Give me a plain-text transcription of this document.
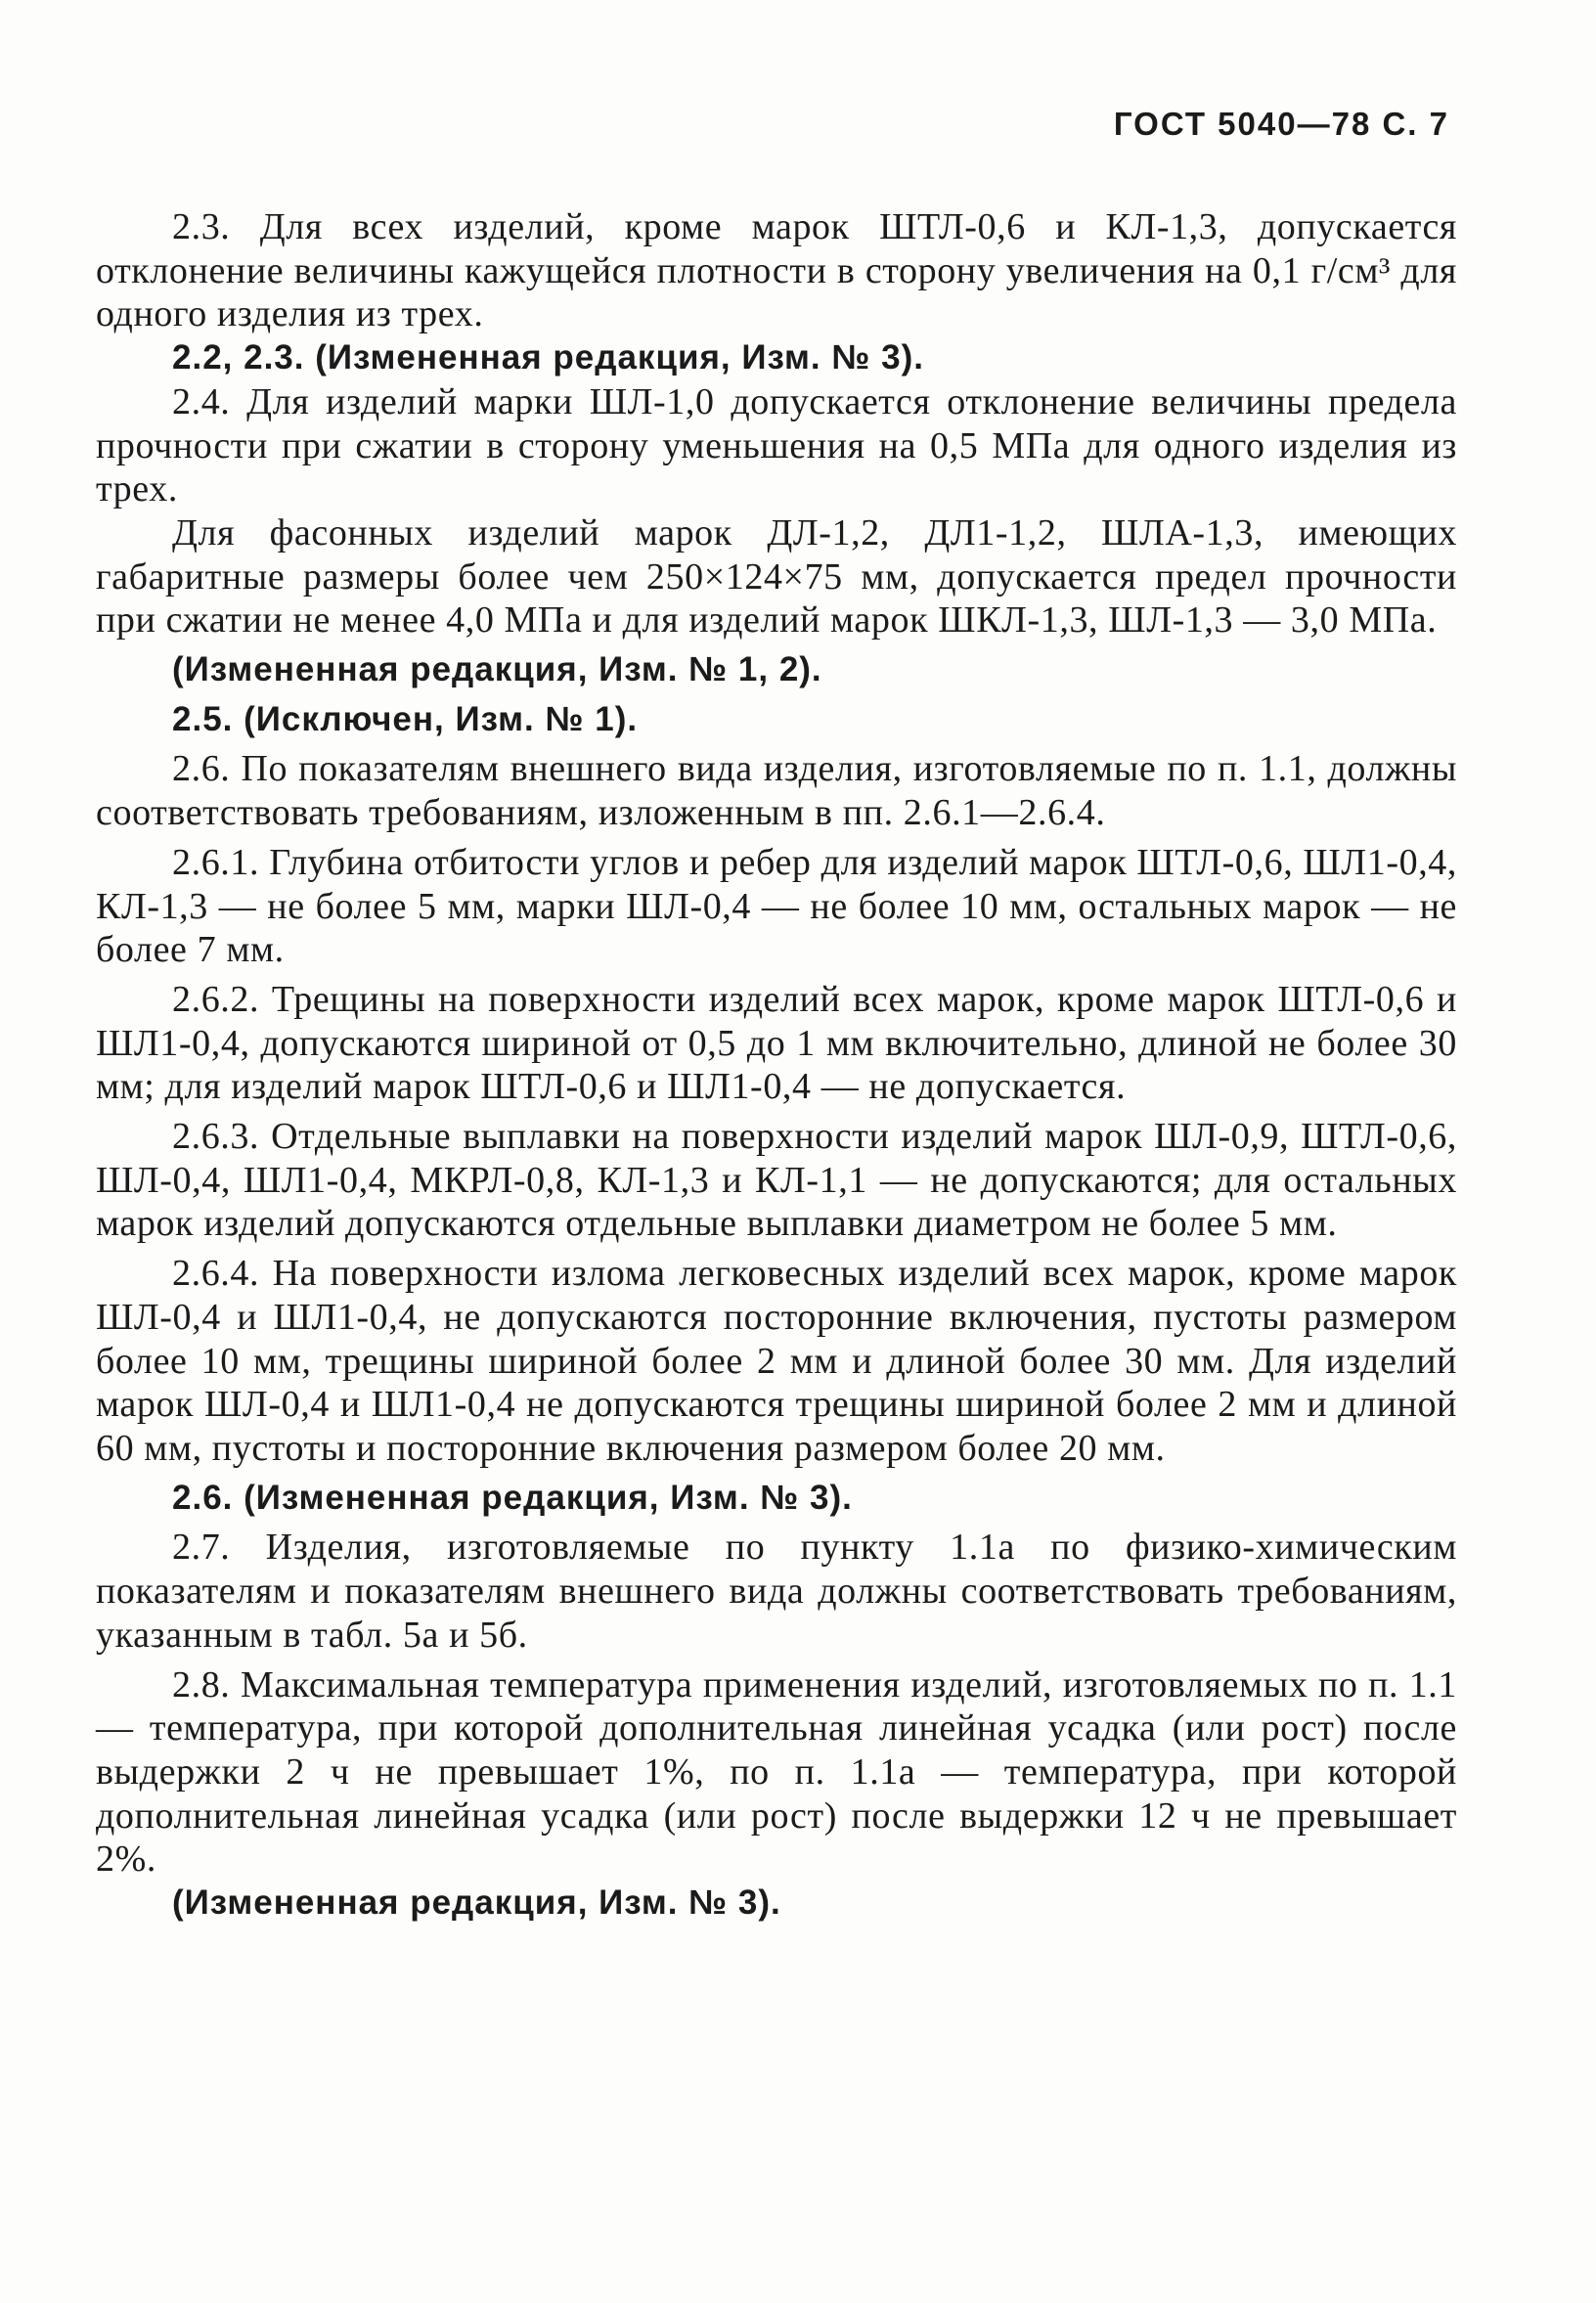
ГОСТ 5040—78 С. 7

2.3. Для всех изделий, кроме марок ШТЛ-0,6 и КЛ-1,3, допускается отклонение величины кажущейся плотности в сторону увеличения на 0,1 г/см³ для одного изделия из трех.

2.2, 2.3. (Измененная редакция, Изм. № 3).

2.4. Для изделий марки ШЛ-1,0 допускается отклонение величины предела прочности при сжатии в сторону уменьшения на 0,5 МПа для одного изделия из трех.

Для фасонных изделий марок ДЛ-1,2, ДЛ1-1,2, ШЛА-1,3, имеющих габаритные размеры более чем 250×124×75 мм, допускается предел прочности при сжатии не менее 4,0 МПа и для изделий марок ШКЛ-1,3, ШЛ-1,3 — 3,0 МПа.

(Измененная редакция, Изм. № 1, 2).

2.5. (Исключен, Изм. № 1).

2.6. По показателям внешнего вида изделия, изготовляемые по п. 1.1, должны соответствовать требованиям, изложенным в пп. 2.6.1—2.6.4.

2.6.1. Глубина отбитости углов и ребер для изделий марок ШТЛ-0,6, ШЛ1-0,4, КЛ-1,3 — не более 5 мм, марки ШЛ-0,4 — не более 10 мм, остальных марок — не более 7 мм.

2.6.2. Трещины на поверхности изделий всех марок, кроме марок ШТЛ-0,6 и ШЛ1-0,4, допускаются шириной от 0,5 до 1 мм включительно, длиной не более 30 мм; для изделий марок ШТЛ-0,6 и ШЛ1-0,4 — не допускается.

2.6.3. Отдельные выплавки на поверхности изделий марок ШЛ-0,9, ШТЛ-0,6, ШЛ-0,4, ШЛ1-0,4, МКРЛ-0,8, КЛ-1,3 и КЛ-1,1 — не допускаются; для остальных марок изделий допускаются отдельные выплавки диаметром не более 5 мм.

2.6.4. На поверхности излома легковесных изделий всех марок, кроме марок ШЛ-0,4 и ШЛ1-0,4, не допускаются посторонние включения, пустоты размером более 10 мм, трещины шириной более 2 мм и длиной более 30 мм. Для изделий марок ШЛ-0,4 и ШЛ1-0,4 не допускаются трещины шириной более 2 мм и длиной 60 мм, пустоты и посторонние включения размером более 20 мм.

2.6. (Измененная редакция, Изм. № 3).

2.7. Изделия, изготовляемые по пункту 1.1а по физико-химическим показателям и показателям внешнего вида должны соответствовать требованиям, указанным в табл. 5а и 5б.

2.8. Максимальная температура применения изделий, изготовляемых по п. 1.1 — температура, при которой дополнительная линейная усадка (или рост) после выдержки 2 ч не превышает 1%, по п. 1.1а — температура, при которой дополнительная линейная усадка (или рост) после выдержки 12 ч не превышает 2%.

(Измененная редакция, Изм. № 3).
